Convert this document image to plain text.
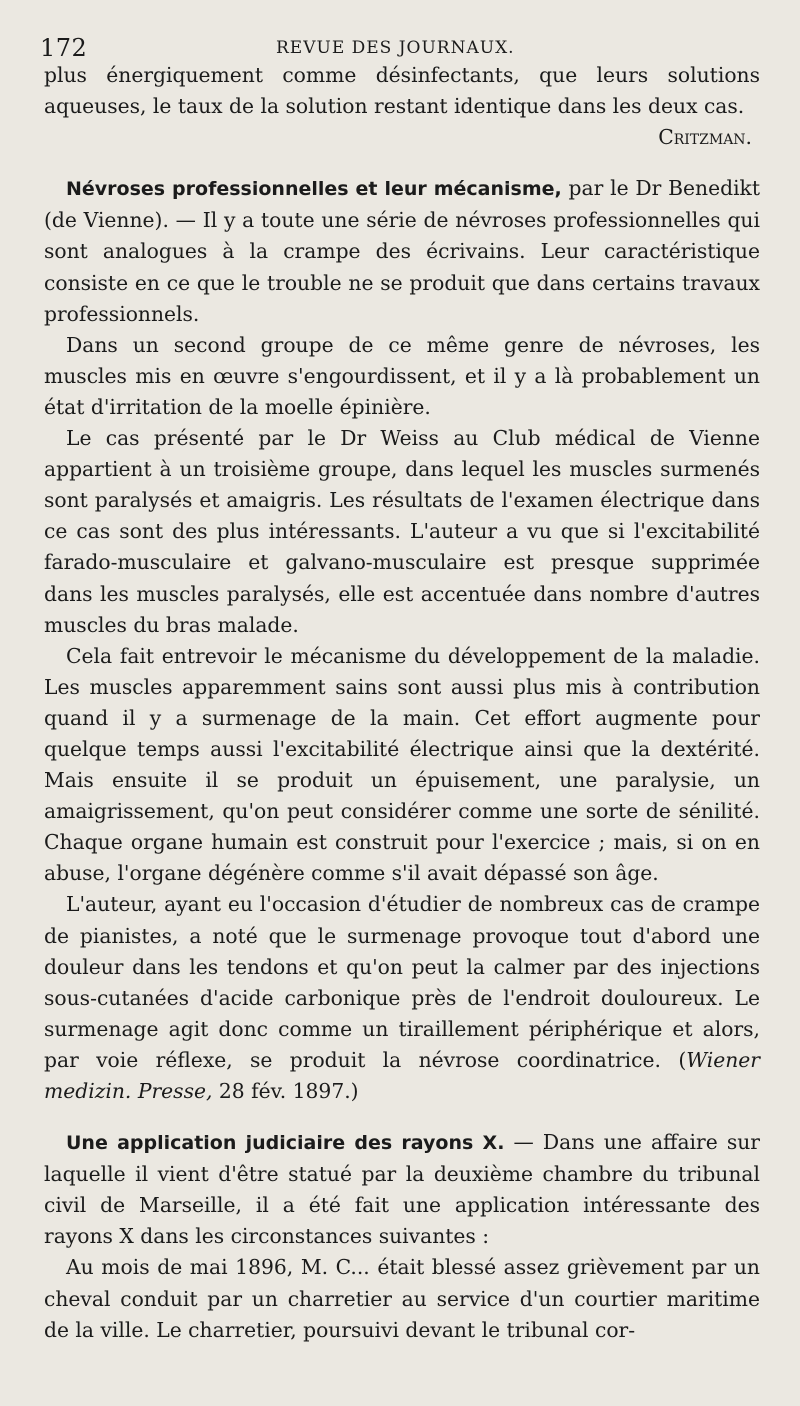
172	REVUE DES JOURNAUX.

plus énergiquement comme désinfectants, que leurs solutions aqueuses, le taux de la solution restant identique dans les deux cas.

Critzman.

Névroses professionnelles et leur mécanisme, par le Dr Benedikt (de Vienne). — Il y a toute une série de névroses professionnelles qui sont analogues à la crampe des écrivains. Leur caractéristique consiste en ce que le trouble ne se produit que dans certains travaux professionnels.

Dans un second groupe de ce même genre de névroses, les muscles mis en œuvre s'engourdissent, et il y a là probablement un état d'irritation de la moelle épinière.

Le cas présenté par le Dr Weiss au Club médical de Vienne appartient à un troisième groupe, dans lequel les muscles surmenés sont paralysés et amaigris. Les résultats de l'examen électrique dans ce cas sont des plus intéressants. L'auteur a vu que si l'excitabilité farado-musculaire et galvano-musculaire est presque supprimée dans les muscles paralysés, elle est accentuée dans nombre d'autres muscles du bras malade.

Cela fait entrevoir le mécanisme du développement de la maladie. Les muscles apparemment sains sont aussi plus mis à contribution quand il y a surmenage de la main. Cet effort augmente pour quelque temps aussi l'excitabilité électrique ainsi que la dextérité. Mais ensuite il se produit un épuisement, une paralysie, un amaigrissement, qu'on peut considérer comme une sorte de sénilité. Chaque organe humain est construit pour l'exercice ; mais, si on en abuse, l'organe dégénère comme s'il avait dépassé son âge.

L'auteur, ayant eu l'occasion d'étudier de nombreux cas de crampe de pianistes, a noté que le surmenage provoque tout d'abord une douleur dans les tendons et qu'on peut la calmer par des injections sous-cutanées d'acide carbonique près de l'endroit douloureux. Le surmenage agit donc comme un tiraillement périphérique et alors, par voie réflexe, se produit la névrose coordinatrice. (Wiener medizin. Presse, 28 fév. 1897.)

Une application judiciaire des rayons X. — Dans une affaire sur laquelle il vient d'être statué par la deuxième chambre du tribunal civil de Marseille, il a été fait une application intéressante des rayons X dans les circonstances suivantes :

Au mois de mai 1896, M. C... était blessé assez grièvement par un cheval conduit par un charretier au service d'un courtier maritime de la ville. Le charretier, poursuivi devant le tribunal cor-
